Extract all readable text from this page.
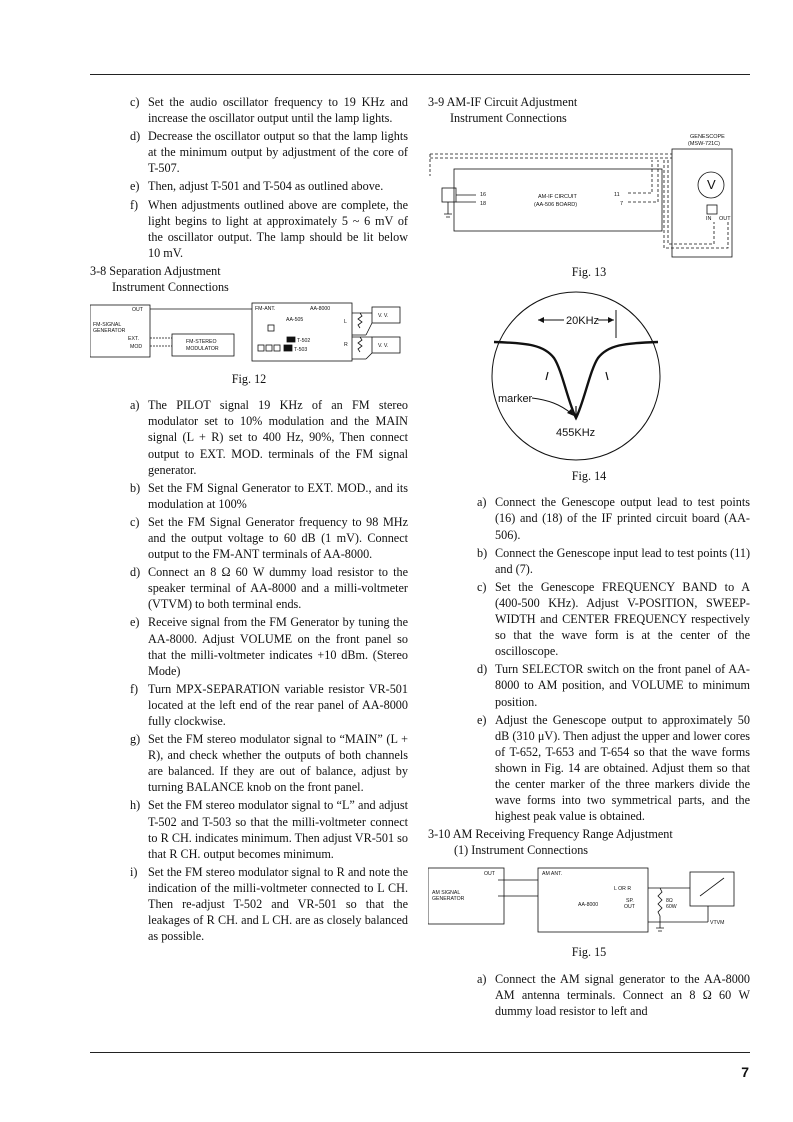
c) Set the audio oscillator frequency to 19 KHz and increase the oscillator output until the lamp lights.
d) Decrease the oscillator output so that the lamp lights at the minimum output by adjustment of the core of T-507.
e) Then, adjust T-501 and T-504 as outlined above.
f) When adjustments outlined above are complete, the light begins to light at approximately 5 ~ 6 mV of the oscillator output. The lamp should be lit below 10 mV.
3-8 Separation Adjustment
Instrument Connections
OUT
FM-SIGNAL
GENERATOR
EXT.
MOD
FM-STEREO
MODULATOR
FM-ANT.	AA-8000
AA-505
T-502
T-503
L
R
V. V.
V. V.
Fig. 12
a) The PILOT signal 19 KHz of an FM stereo modulator set to 10% modulation and the MAIN signal (L + R) set to 400 Hz, 90%, Then connect output to EXT. MOD. terminals of the FM signal generator.
b) Set the FM Signal Generator to EXT. MOD., and its modulation at 100%
c) Set the FM Signal Generator frequency to 98 MHz and the output voltage to 60 dB (1 mV). Connect output to the FM-ANT terminals of AA-8000.
d) Connect an 8 Ω 60 W dummy load resistor to the speaker terminal of AA-8000 and a milli-voltmeter (VTVM) to both terminal ends.
e) Receive signal from the FM Generator by tuning the AA-8000. Adjust VOLUME on the front panel so that the milli-voltmeter indicates +10 dBm. (Stereo Mode)
f) Turn MPX-SEPARATION variable resistor VR-501 located at the left end of the rear panel of AA-8000 fully clockwise.
g) Set the FM stereo modulator signal to “MAIN” (L + R), and check whether the outputs of both channels are balanced. If they are out of balance, adjust by turning BALANCE knob on the front panel.
h) Set the FM stereo modulator signal to “L” and adjust T-502 and T-503 so that the milli-voltmeter connect to R CH. indicates minimum. Then adjust VR-501 so that R CH. output becomes minimum.
i) Set the FM stereo modulator signal to R and note the indication of the milli-voltmeter connected to L CH. Then re-adjust T-502 and VR-501 so that the leakages of R CH. and L CH. are as closely balanced as possible.
3-9 AM-IF Circuit Adjustment
Instrument Connections
GENESCOPE
(MSW-721C)
V
IN OUT
AM-IF CIRCUIT
(AA-506 BOARD)
16
18
11
7
Fig. 13
20KHz
marker
455KHz
Fig. 14
a) Connect the Genescope output lead to test points (16) and (18) of the IF printed circuit board (AA-506).
b) Connect the Genescope input lead to test points (11) and (7).
c) Set the Genescope FREQUENCY BAND to A (400-500 KHz). Adjust V-POSITION, SWEEP-WIDTH and CENTER FREQUENCY respectively so that the wave form is at the center of the oscilloscope.
d) Turn SELECTOR switch on the front panel of AA-8000 to AM position, and VOLUME to minimum position.
e) Adjust the Genescope output to approximately 50 dB (310 μV). Then adjust the upper and lower cores of T-652, T-653 and T-654 so that the wave forms shown in Fig. 14 are obtained. Adjust them so that the center marker of the three markers divide the wave forms into two symmetrical parts, and the highest peak value is obtained.
3-10 AM Receiving Frequency Range Adjustment
(1) Instrument Connections
OUT
AM SIGNAL
GENERATOR
AM ANT.
AA-8000
L OR R
SP.
OUT
8Ω
60W
VTVM
Fig. 15
a) Connect the AM signal generator to the AA-8000 AM antenna terminals. Connect an 8 Ω 60 W dummy load resistor to left and
7
